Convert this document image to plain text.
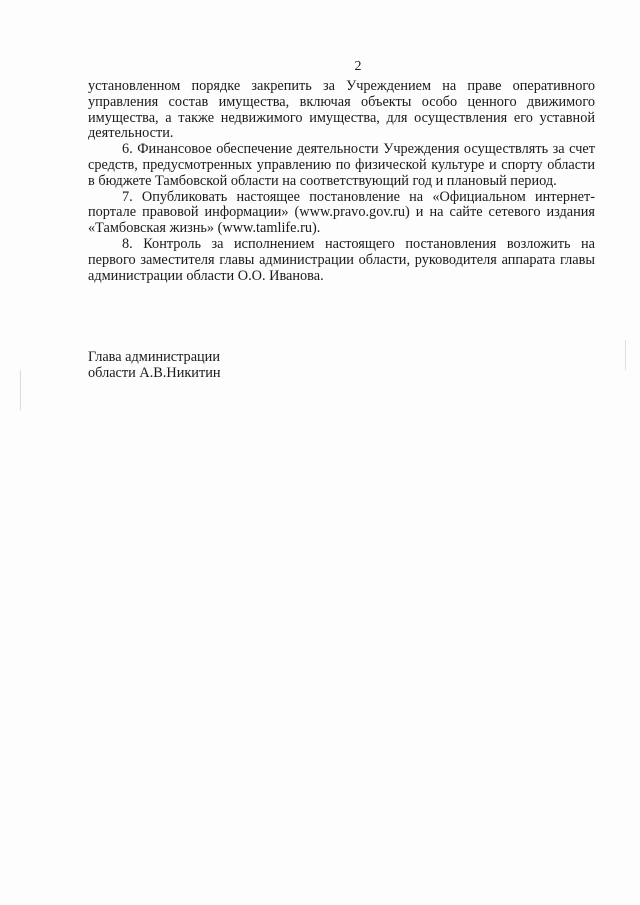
2

установленном порядке закрепить за Учреждением на праве оперативного управления состав имущества, включая объекты особо ценного движимого имущества, а также недвижимого имущества, для осуществления его уставной деятельности.

6. Финансовое обеспечение деятельности Учреждения осуществлять за счет средств, предусмотренных управлению по физической культуре и спорту области в бюджете Тамбовской области на соответствующий год и плановый период.

7. Опубликовать настоящее постановление на «Официальном интернет-портале правовой информации» (www.pravo.gov.ru) и на сайте сетевого издания «Тамбовская жизнь» (www.tamlife.ru).

8. Контроль за исполнением настоящего постановления возложить на первого заместителя главы администрации области, руководителя аппарата главы администрации области О.О. Иванова.

Глава администрации
области А.В.Никитин
